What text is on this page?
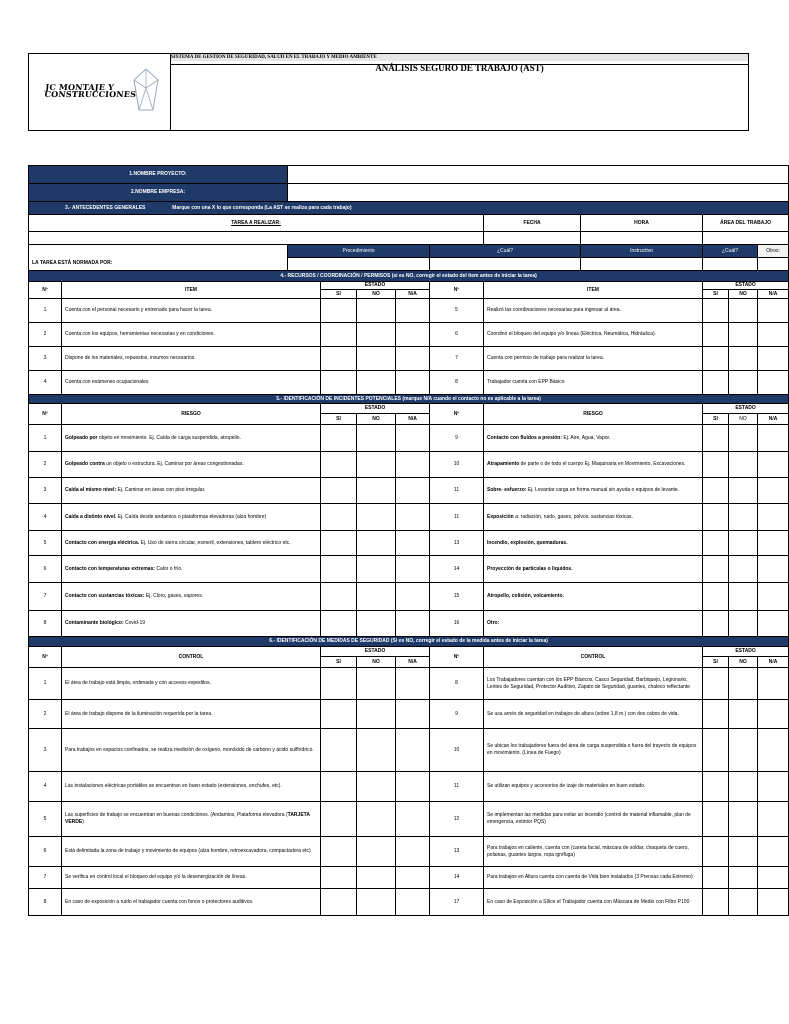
JC MONTAJE Y CONSTRUCCIONES

SISTEMA DE GESTIÓN DE SEGURIDAD, SALUD EN EL TRABAJO Y MEDIO AMBIENTE

ANÁLISIS SEGURO DE TRABAJO (AST)
1.NOMBRE PROYECTO:											
2.NOMBRE EMPRESA:											
3.- ANTECEDENTES GENERALES Marque con una X lo que corresponda (La AST se realiza para cada trabajo)											
TAREA A REALIZAR:							FECHA	HORA	ÁREA DEL TRABAJO		

LA TAREA ESTÁ NORMADA POR:		Procedimiento				¿Cuál?		Instructivo	¿Cuál?		Otros:

4.- RECURSOS / COORDINACIÓN / PERMISOS (si es NO, corregir el estado del ítem antes de iniciar la tarea)											
Nº	ITEM		ESTADO			Nº	ITEM		ESTADO		
			SI	NO	N/A				SI	NO	N/A
1	Cuenta con el personal necesario y entrenado para hacer la tarea.					5	Realizó las coordinaciones necesarias para ingresar al área.				
2	Cuenta con los equipos, herramientas necesarias y en condiciones.					6	Coordinó el bloqueo del equipo y/o líneas (Eléctrica, Neumática, Hidráulica).				
3	Dispone de los materiales, repuestos, insumos necesarios.					7	Cuenta con permiso de trabajo para realizar la tarea.				
4	Cuenta con exámenes ocupacionales					8	Trabajador cuenta con EPP Básico				
5.- IDENTIFICACIÓN DE INCIDENTES POTENCIALES (marque N/A cuando el contacto no es aplicable a la tarea)											
Nº	RIESGO		ESTADO			Nº	RIESGO		ESTADO		
			SI	NO	N/A				SI	NO	N/A
1	Golpeado por objeto en movimiento. Ej. Caída de carga suspendida, atropello.					9	Contacto con fluidos a presión: Ej. Aire, Agua, Vapor.				
2	Golpeado contra un objeto o estructura. Ej. Caminar por áreas congestionadas.					10	Atrapamiento de parte o de todo el cuerpo Ej. Maquinaria en Movimiento, Excavaciones.				
3	Caída al mismo nivel: Ej. Caminar en áreas con piso irregular.					11	Sobre- esfuerzo: Ej. Levantar carga en forma manual sin ayuda o equipos de levante.				
4	Caída a distinto nivel. Ej. Caída desde andamios o plataformas elevadoras (alza hombre)					11	Exposición a: radiación, ruido, gases, polvos, sustancias tóxicas.				
5	Contacto con energía eléctrica. Ej. Uso de sierra circular, esmeril, extensiones, tablero eléctrico etc.					13	Incendio, explosión, quemaduras.				
6	Contacto con temperaturas extremas: Calor o frío.					14	Proyección de partículas o líquidos.				
7	Contacto con sustancias tóxicas: Ej. Cloro, gases, vapores.					15	Atropello, colisión, volcamiento.				
8	Contaminante biológico: Covid-19					16	Otro:				
6.- IDENTIFICACIÓN DE MEDIDAS DE SEGURIDAD (Si es NO, corregir el estado de la medida antes de iniciar la tarea)											
Nº	CONTROL		ESTADO			Nº	CONTROL		ESTADO		
			SI	NO	N/A				SI	NO	N/A
1	El área de trabajo está limpia, ordenada y con accesos expeditos.					8	Los Trabajadores cuentan con los EPP Básicos, Casco Seguridad, Barbiquejo, Legionario, Lentes de Seguridad, Protector Auditivo, Zapato de Seguridad, guantes, chaleco reflectante				
2	El área de trabajo dispone de la iluminación requerida por la tarea.					9	Se usa arnés de seguridad en trabajos de altura (sobre 1,8 m.) con dos cabos de vida.				
3	Para trabajos en espacios confinados, se realiza medición de oxígeno, monóxido de carbono y ácido sulfhídrico.					10	Se ubican los trabajadores fuera del área de carga suspendida o fuera del trayecto de equipos en movimiento. (Línea de Fuego)				
4	Las instalaciones eléctricas portátiles se encuentran en buen estado (extensiones, enchufes, etc).					11	Se utilizan equipos y accesorios de izaje de materiales en buen estado.				
5	Las superficies de trabajo se encuentran en buenas condiciones. (Andamios, Plataforma elevadora (TARJETA VERDE)					12	Se implementan las medidas para evitar un incendio (control de material inflamable, plan de emergencia, extintor PQS)				
6	Está delimitada la zona de trabajo y movimiento de equipos (alza hombre, retroexcavadora, compactadora etc)					13	Para trabajos en caliente, cuenta con (careta facial, máscara de soldar, chaqueta de cuero, polainas, guantes largos, ropa ignífuga)				
7	Se verifica en control local el bloqueo del equipo y/o la desenergización de líneas.					14	Para trabajos en Altura cuenta con cuenta de Vida bien instalados (3 Prensas cada Extremo)				
8	En caso de exposición a ruido el trabajador cuenta con fonos o protectores auditivos.					17	En caso de Exposición a Sílice el Trabajador cuenta con Máscara de Medio con Filtro P100				
